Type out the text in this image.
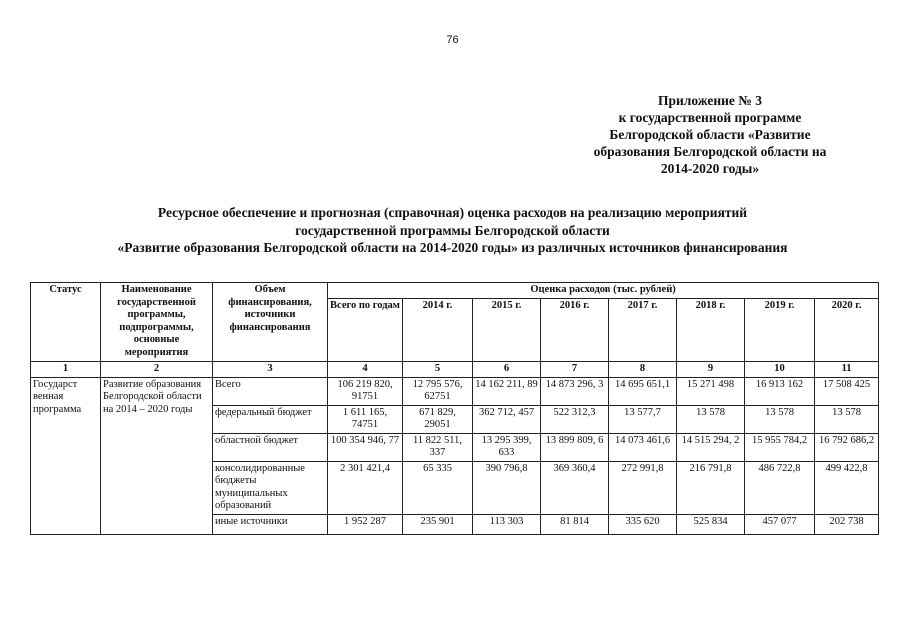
76
Приложение № 3
к государственной программе
Белгородской области «Развитие
образования Белгородской области на
2014-2020 годы»
Ресурсное обеспечение и прогнозная (справочная) оценка расходов на реализацию мероприятий
государственной программы Белгородской области
«Развитие образования Белгородской области на 2014-2020 годы» из различных источников финансирования
Статус	Наименование государственной программы, подпрограммы, основные мероприятия	Объем финансирования, источники финансирования	Оценка расходов (тыс. рублей)							
			Всего по годам	2014 г.	2015 г.	2016 г.	2017 г.	2018 г.	2019 г.	2020 г.
1	2	3	4	5	6	7	8	9	10	11
Государст венная программа	Развитие образования Белгородской области на 2014 – 2020 годы	Всего	106 219 820, 91751	12 795 576, 62751	14 162 211, 89	14 873 296, 3	14 695 651,1	15 271 498	16 913 162	17 508 425
		федеральный бюджет	1 611 165, 74751	671 829, 29051	362 712, 457	522 312,3	13 577,7	13 578	13 578	13 578
		областной бюджет	100 354 946, 77	11 822 511, 337	13 295 399, 633	13 899 809, 6	14 073 461,6	14 515 294, 2	15 955 784,2	16 792 686,2
		консолидированные бюджеты муниципальных образований	2 301 421,4	65 335	390 796,8	369 360,4	272 991,8	216 791,8	486 722,8	499 422,8
		иные источники	1 952 287	235 901	113 303	81 814	335 620	525 834	457 077	202 738
